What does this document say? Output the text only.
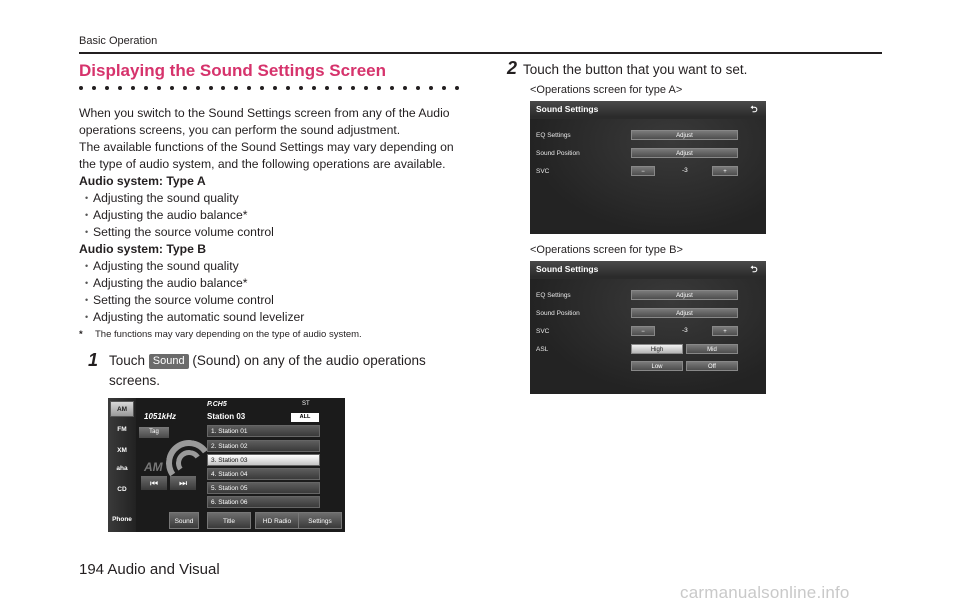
Basic Operation
Displaying the Sound Settings Screen

When you switch to the Sound Settings screen from any of the Audio operations screens, you can perform the sound adjustment.

The available functions of the Sound Settings may vary depending on the type of audio system, and the following operations are available.

Audio system: Type A

• Adjusting the sound quality

• Adjusting the audio balance*

• Setting the source volume control

Audio system: Type B

• Adjusting the sound quality

• Adjusting the audio balance*

• Setting the source volume control

• Adjusting the automatic sound levelizer

* The functions may vary depending on the type of audio system.

1 Touch Sound (Sound) on any of the audio operations screens.
AM
FM
XM
aha
CD
Phone
1051kHz
P.CH5
Station 03
ST
ALL
Tag
AM
⏮	⏭
1. Station 01
2. Station 02
3. Station 03
4. Station 04
5. Station 05
6. Station 06
Sound	Title	HD Radio	Settings
2 Touch the button that you want to set.
<Operations screen for type A>
Sound Settings	⮌
EQ Settings	Adjust
Sound Position	Adjust
SVC	−	-3	+
<Operations screen for type B>
Sound Settings	⮌
EQ Settings	Adjust
Sound Position	Adjust
SVC	−	-3	+
ASL	High	Mid
Low	Off
194 Audio and Visual
carmanualsonline.info
